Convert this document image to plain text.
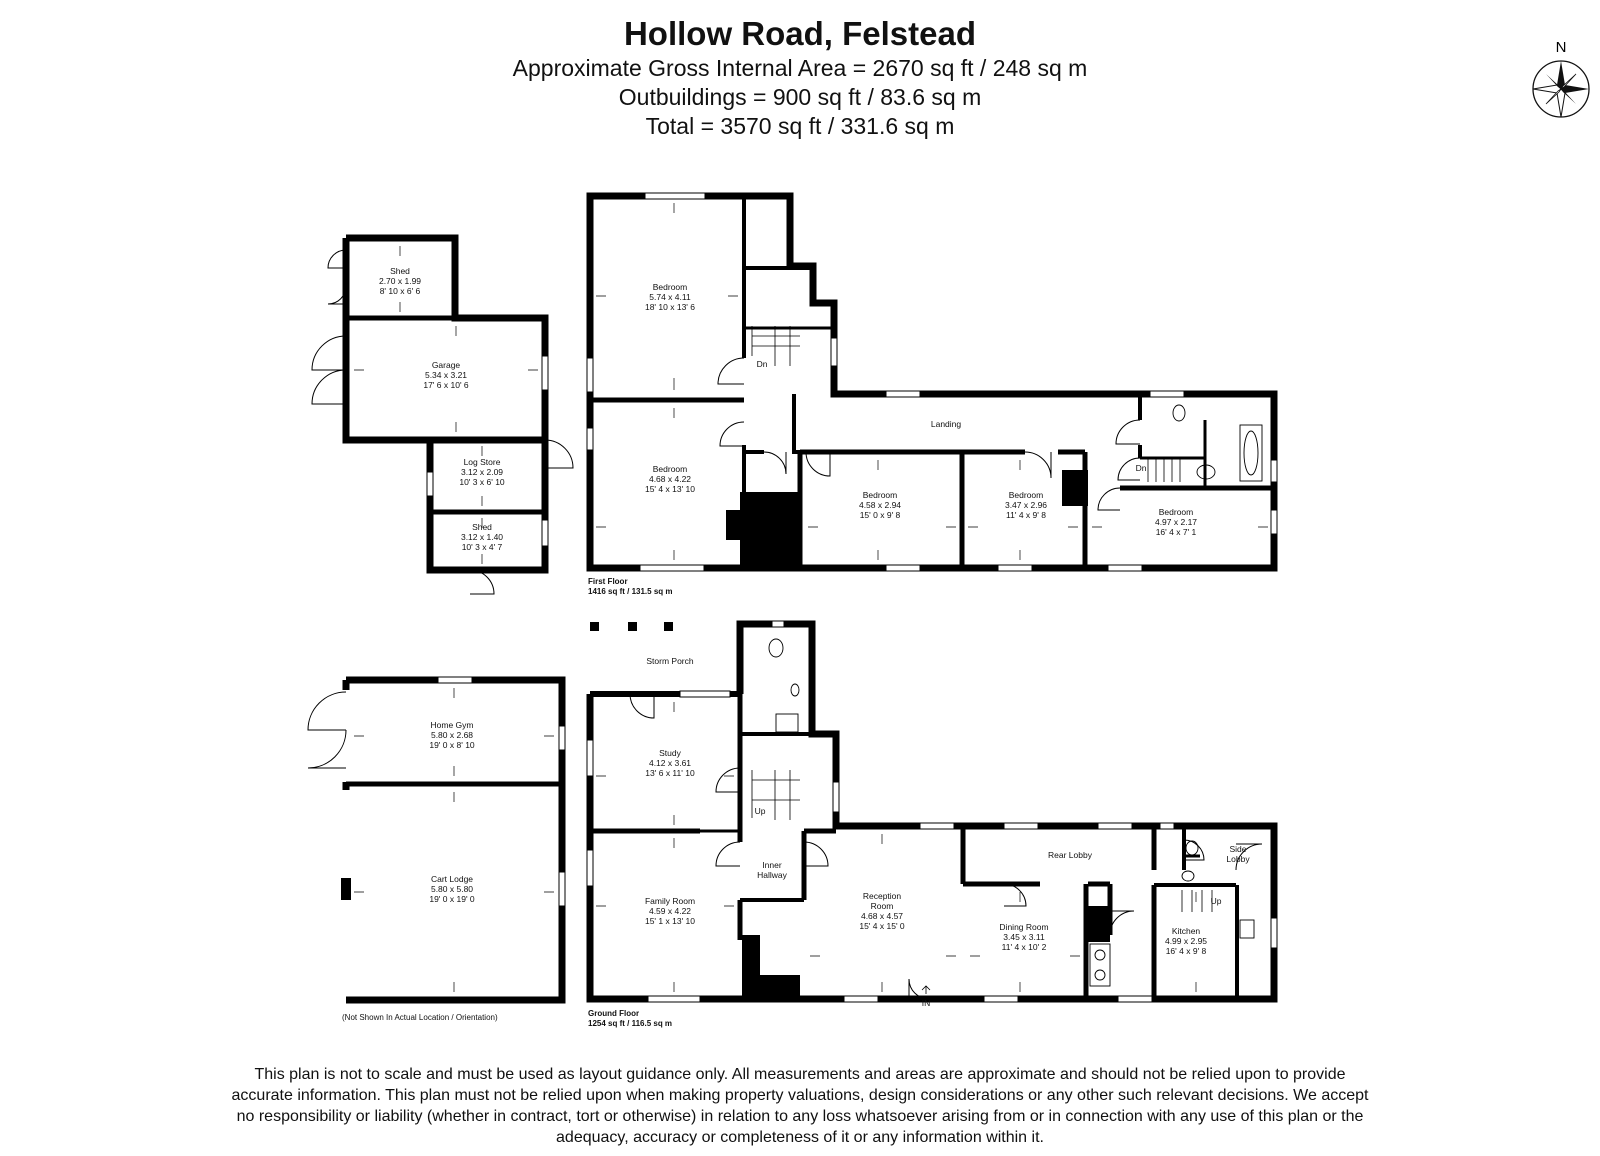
Hollow Road, Felstead
Approximate Gross Internal Area = 2670 sq ft / 248 sq m
Outbuildings = 900 sq ft / 83.6 sq m
Total = 3570 sq ft / 331.6 sq m
N
Bedroom
5.74 x 4.11
18' 10 x 13' 6
Bedroom
4.68 x 4.22
15' 4 x 13' 10
Bedroom
4.58 x 2.94
15' 0 x 9' 8
Bedroom
3.47 x 2.96
11' 4 x 9' 8	Bedroom
4.97 x 2.17
16' 4 x 7' 1
Landing
Dn
Dn
First Floor
1416 sq ft / 131.5 sq m
Storm Porch
Study
4.12 x 3.61
13' 6 x 11' 10
Family Room
4.59 x 4.22
15' 1 x 13' 10
Inner
Hallway
Reception
Room
4.68 x 4.57
15' 4 x 15' 0
Rear Lobby
Dining Room
3.45 x 3.11
11' 4 x 10' 2
Side
Lobby
Kitchen
4.99 x 2.95
16' 4 x 9' 8
Up
Up
IN
Ground Floor
1254 sq ft / 116.5 sq m
Shed
2.70 x 1.99
8' 10 x 6' 6
Garage
5.34 x 3.21
17' 6 x 10' 6
Log Store
3.12 x 2.09
10' 3 x 6' 10
Shed
3.12 x 1.40
10' 3 x 4' 7
Home Gym
5.80 x 2.68
19' 0 x 8' 10
Cart Lodge
5.80 x 5.80
19' 0 x 19' 0
(Not Shown In Actual Location / Orientation)
This plan is not to scale and must be used as layout guidance only. All measurements and areas are approximate and should not be relied upon to provide accurate information. This plan must not be relied upon when making property valuations, design considerations or any other such relevant decisions. We accept no responsibility or liability (whether in contract, tort or otherwise) in relation to any loss whatsoever arising from or in connection with any use of this plan or the adequacy, accuracy or completeness of it or any information within it.
